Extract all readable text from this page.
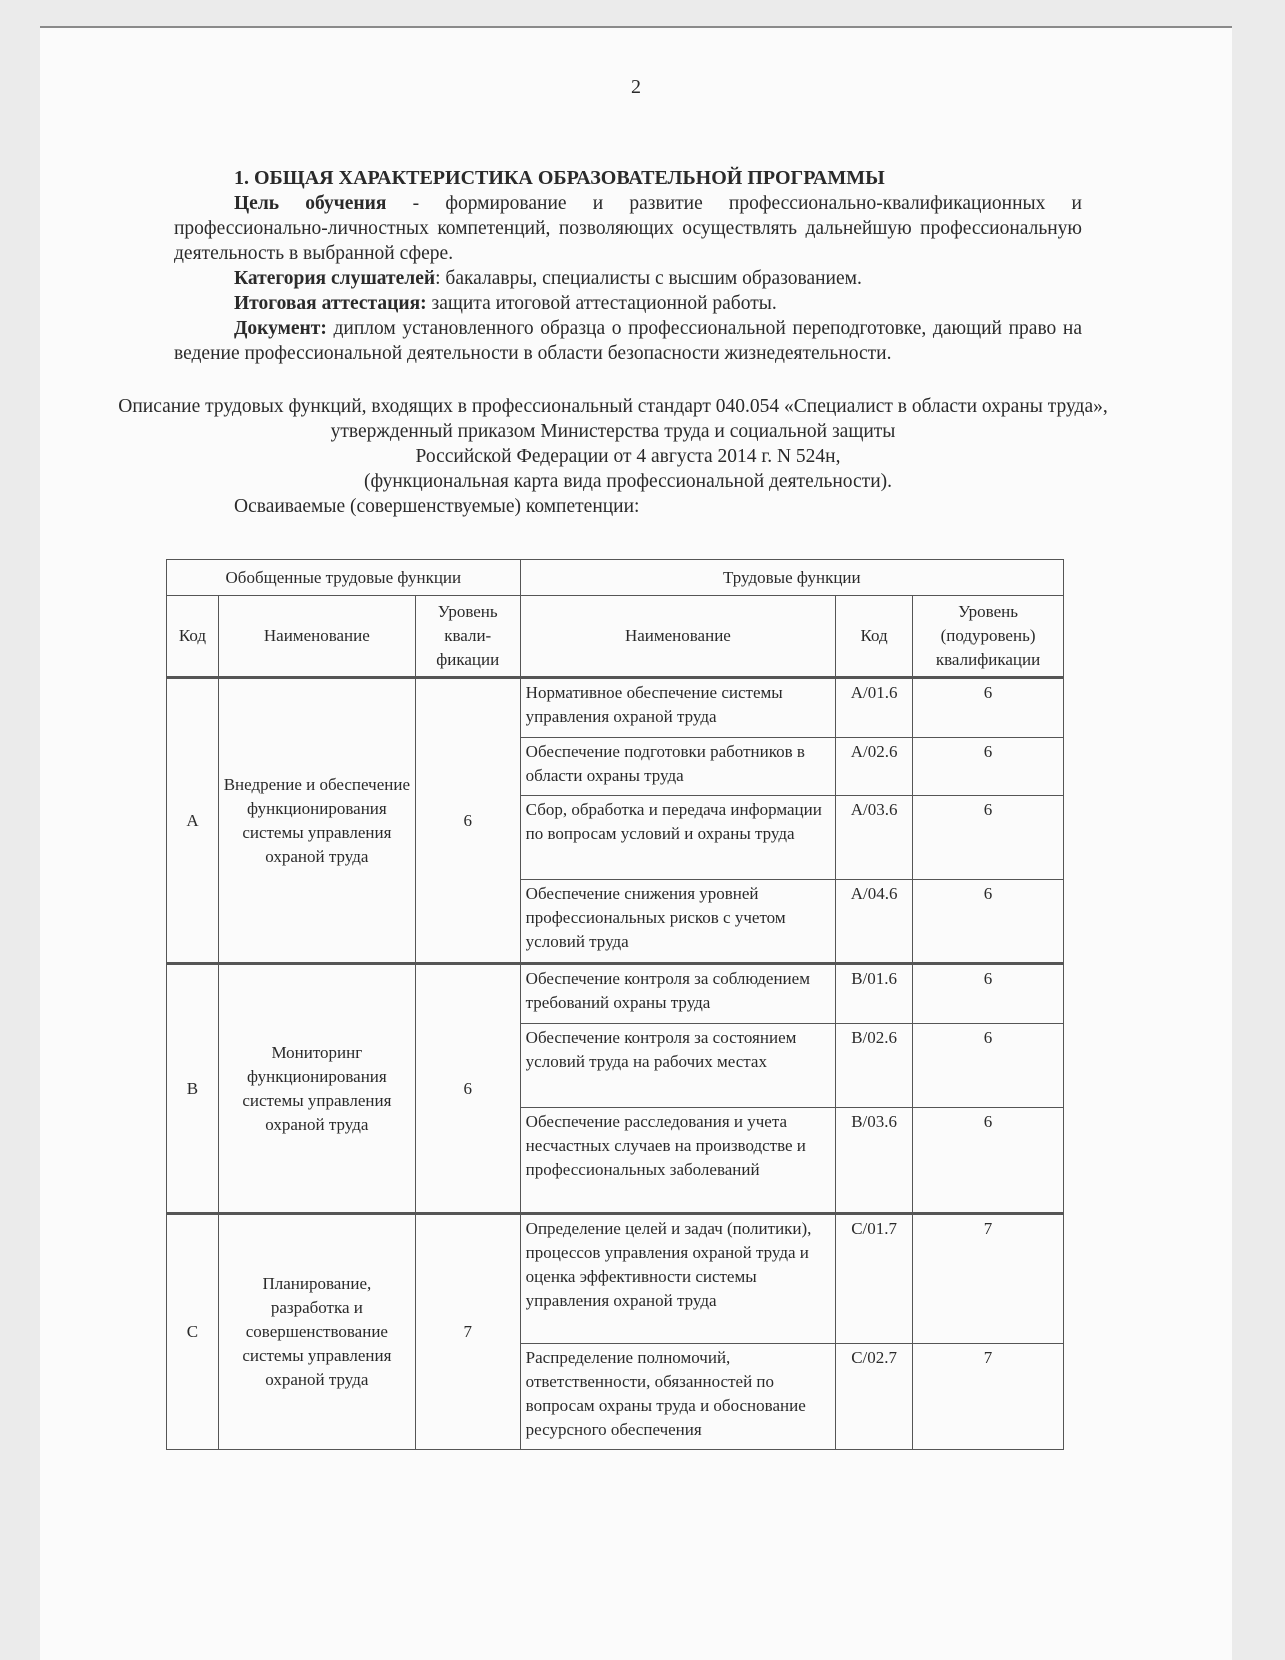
2

1. ОБЩАЯ ХАРАКТЕРИСТИКА ОБРАЗОВАТЕЛЬНОЙ ПРОГРАММЫ

Цель обучения - формирование и развитие профессионально-квалификационных и профессионально-личностных компетенций, позволяющих осуществлять дальнейшую профессиональную деятельность в выбранной сфере.

Категория слушателей: бакалавры, специалисты с высшим образованием.

Итоговая аттестация: защита итоговой аттестационной работы.

Документ: диплом установленного образца о профессиональной переподготовке, дающий право на ведение профессиональной деятельности в области безопасности жизнедеятельности.

Описание трудовых функций, входящих в профессиональный стандарт 040.054 «Специалист в области охраны труда», утвержденный приказом Министерства труда и социальной защиты
Российской Федерации от 4 августа 2014 г. N 524н,
(функциональная карта вида профессиональной деятельности).

Осваиваемые (совершенствуемые) компетенции:

Обобщенные трудовые функции			Трудовые функции		
Код	Наименование	Уровень квали-фикации	Наименование	Код	Уровень (подуровень) квалификации
A	Внедрение и обеспечение функционирования системы управления охраной труда	6	Нормативное обеспечение системы управления охраной труда	A/01.6	6
			Обеспечение подготовки работников в области охраны труда	A/02.6	6
			Сбор, обработка и передача информации по вопросам условий и охраны труда	A/03.6	6
			Обеспечение снижения уровней профессиональных рисков с учетом условий труда	A/04.6	6
B	Мониторинг функционирования системы управления охраной труда	6	Обеспечение контроля за соблюдением требований охраны труда	B/01.6	6
			Обеспечение контроля за состоянием условий труда на рабочих местах	B/02.6	6
			Обеспечение расследования и учета несчастных случаев на производстве и профессиональных заболеваний	B/03.6	6
C	Планирование, разработка и совершенствование системы управления охраной труда	7	Определение целей и задач (политики), процессов управления охраной труда и оценка эффективности системы управления охраной труда	C/01.7	7
			Распределение полномочий, ответственности, обязанностей по вопросам охраны труда и обоснование ресурсного обеспечения	C/02.7	7
